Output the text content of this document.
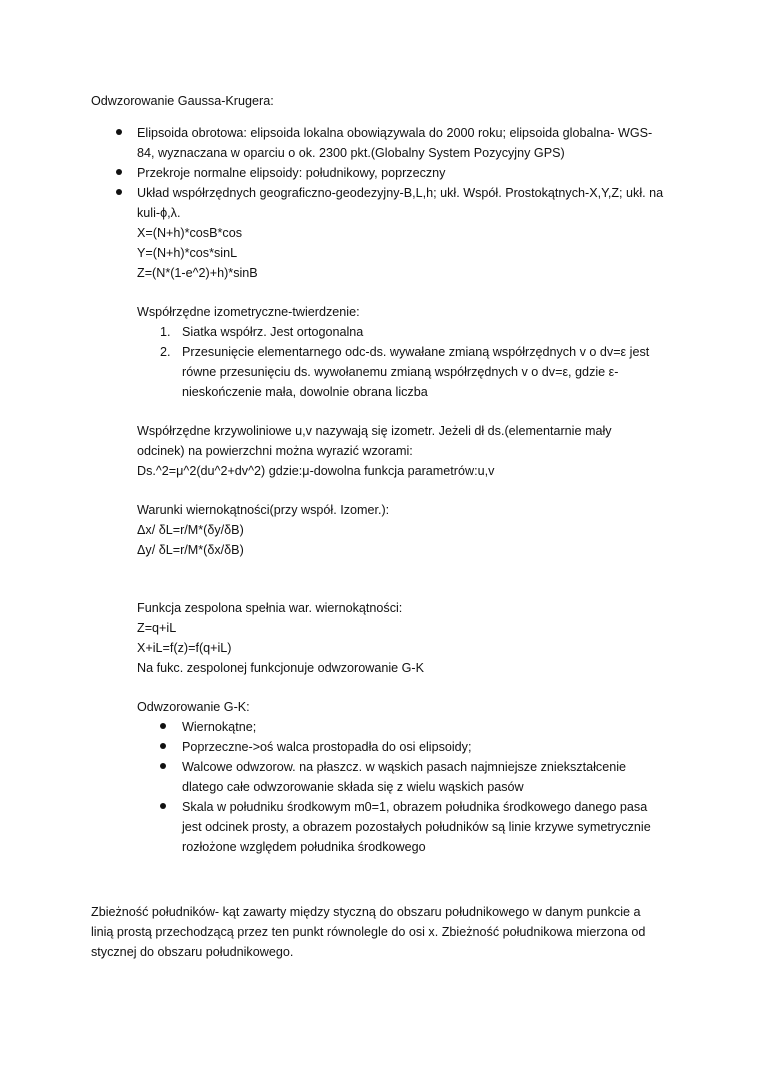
Odwzorowanie Gaussa-Krugera:
Elipsoida obrotowa: elipsoida lokalna obowiązywala do 2000 roku; elipsoida globalna- WGS-
84, wyznaczana w oparciu o ok. 2300 pkt.(Globalny System Pozycyjny GPS)
Przekroje normalne elipsoidy: południkowy, poprzeczny
Układ współrzędnych geograficzno-geodezyjny-B,L,h; ukł. Współ. Prostokątnych-X,Y,Z; ukł. na
kuli-ϕ,λ.
X=(N+h)*cosB*cos
Y=(N+h)*cos*sinL
Z=(N*(1-e^2)+h)*sinB
Współrzędne izometryczne-twierdzenie:
1. Siatka współrz. Jest ortogonalna
2. Przesunięcie elementarnego odc-ds. wywałane zmianą współrzędnych v o dv=ε jest
równe przesunięciu ds. wywołanemu zmianą współrzędnych v o dv=ε, gdzie ε-
nieskończenie mała, dowolnie obrana liczba
Współrzędne krzywoliniowe u,v nazywają się izometr. Jeżeli dł ds.(elementarnie mały
odcinek) na powierzchni można wyrazić wzorami:
Ds.^2=μ^2(du^2+dv^2) gdzie:μ-dowolna funkcja parametrów:u,v
Warunki wiernokątności(przy współ. Izomer.):
Δx/ δL=r/M*(δy/δB)
Δy/ δL=r/M*(δx/δB)
Funkcja zespolona spełnia war. wiernokątności:
Z=q+iL
X+iL=f(z)=f(q+iL)
Na fukc. zespolonej funkcjonuje odwzorowanie G-K
Odwzorowanie G-K:
Wiernokątne;
Poprzeczne->oś walca prostopadła do osi elipsoidy;
Walcowe odwzorow. na płaszcz. w wąskich pasach najmniejsze zniekształcenie
dlatego całe odwzorowanie składa się z wielu wąskich pasów
Skala w południku środkowym m0=1, obrazem południka środkowego danego pasa
jest odcinek prosty, a obrazem pozostałych południków są linie krzywe symetrycznie
rozłożone względem południka środkowego
Zbieżność południków- kąt zawarty między styczną do obszaru południkowego w danym punkcie a
linią prostą przechodzącą przez ten punkt równolegle do osi x. Zbieżność południkowa mierzona od
stycznej do obszaru południkowego.
